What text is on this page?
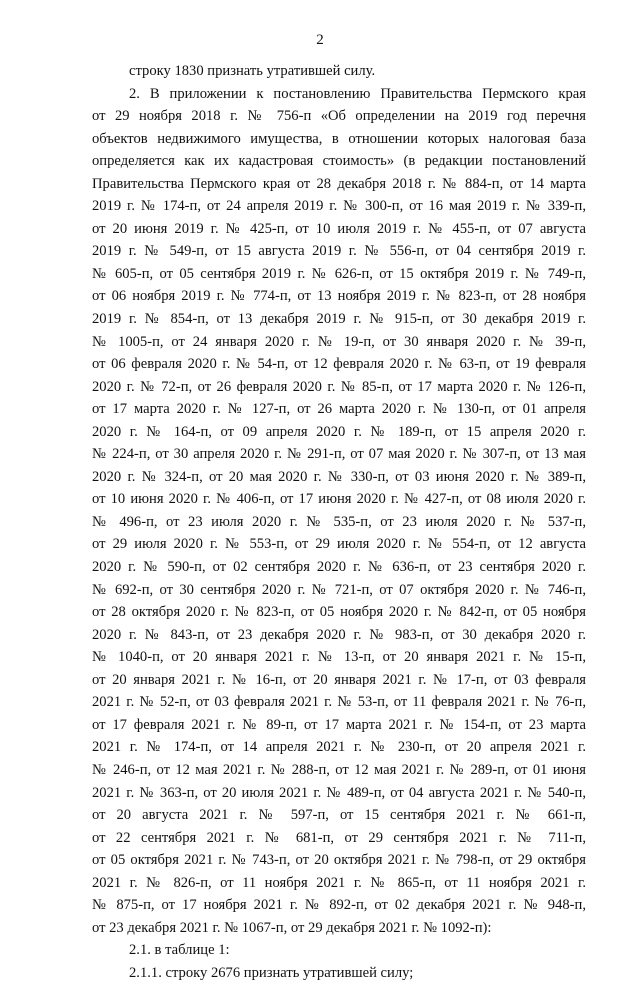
2
строку 1830 признать утратившей силу.
2. В приложении к постановлению Правительства Пермского края
от 29 ноября 2018 г. № 756-п «Об определении на 2019 год перечня
объектов недвижимого имущества, в отношении которых налоговая база
определяется как их кадастровая стоимость» (в редакции постановлений
Правительства Пермского края от 28 декабря 2018 г. № 884-п, от 14 марта
2019 г. № 174-п, от 24 апреля 2019 г. № 300-п, от 16 мая 2019 г. № 339-п,
от 20 июня 2019 г. № 425-п, от 10 июля 2019 г. № 455-п, от 07 августа
2019 г. № 549-п, от 15 августа 2019 г. № 556-п, от 04 сентября 2019 г.
№ 605-п, от 05 сентября 2019 г. № 626-п, от 15 октября 2019 г. № 749-п,
от 06 ноября 2019 г. № 774-п, от 13 ноября 2019 г. № 823-п, от 28 ноября
2019 г. № 854-п, от 13 декабря 2019 г. № 915-п, от 30 декабря 2019 г.
№ 1005-п, от 24 января 2020 г. № 19-п, от 30 января 2020 г. № 39-п,
от 06 февраля 2020 г. № 54-п, от 12 февраля 2020 г. № 63-п, от 19 февраля
2020 г. № 72-п, от 26 февраля 2020 г. № 85-п, от 17 марта 2020 г. № 126-п,
от 17 марта 2020 г. № 127-п, от 26 марта 2020 г. № 130-п, от 01 апреля
2020 г. № 164-п, от 09 апреля 2020 г. № 189-п, от 15 апреля 2020 г.
№ 224-п, от 30 апреля 2020 г. № 291-п, от 07 мая 2020 г. № 307-п, от 13 мая
2020 г. № 324-п, от 20 мая 2020 г. № 330-п, от 03 июня 2020 г. № 389-п,
от 10 июня 2020 г. № 406-п, от 17 июня 2020 г. № 427-п, от 08 июля 2020 г.
№ 496-п, от 23 июля 2020 г. № 535-п, от 23 июля 2020 г. № 537-п,
от 29 июля 2020 г. № 553-п, от 29 июля 2020 г. № 554-п, от 12 августа
2020 г. № 590-п, от 02 сентября 2020 г. № 636-п, от 23 сентября 2020 г.
№ 692-п, от 30 сентября 2020 г. № 721-п, от 07 октября 2020 г. № 746-п,
от 28 октября 2020 г. № 823-п, от 05 ноября 2020 г. № 842-п, от 05 ноября
2020 г. № 843-п, от 23 декабря 2020 г. № 983-п, от 30 декабря 2020 г.
№ 1040-п, от 20 января 2021 г. № 13-п, от 20 января 2021 г. № 15-п,
от 20 января 2021 г. № 16-п, от 20 января 2021 г. № 17-п, от 03 февраля
2021 г. № 52-п, от 03 февраля 2021 г. № 53-п, от 11 февраля 2021 г. № 76-п,
от 17 февраля 2021 г. № 89-п, от 17 марта 2021 г. № 154-п, от 23 марта
2021 г. № 174-п, от 14 апреля 2021 г. № 230-п, от 20 апреля 2021 г.
№ 246-п, от 12 мая 2021 г. № 288-п, от 12 мая 2021 г. № 289-п, от 01 июня
2021 г. № 363-п, от 20 июля 2021 г. № 489-п, от 04 августа 2021 г. № 540-п,
от 20 августа 2021 г. № 597-п, от 15 сентября 2021 г. № 661-п,
от 22 сентября 2021 г. № 681-п, от 29 сентября 2021 г. № 711-п,
от 05 октября 2021 г. № 743-п, от 20 октября 2021 г. № 798-п, от 29 октября
2021 г. № 826-п, от 11 ноября 2021 г. № 865-п, от 11 ноября 2021 г.
№ 875-п, от 17 ноября 2021 г. № 892-п, от 02 декабря 2021 г. № 948-п,
от 23 декабря 2021 г. № 1067-п, от 29 декабря 2021 г. № 1092-п):
2.1. в таблице 1:
2.1.1. строку 2676 признать утратившей силу;
